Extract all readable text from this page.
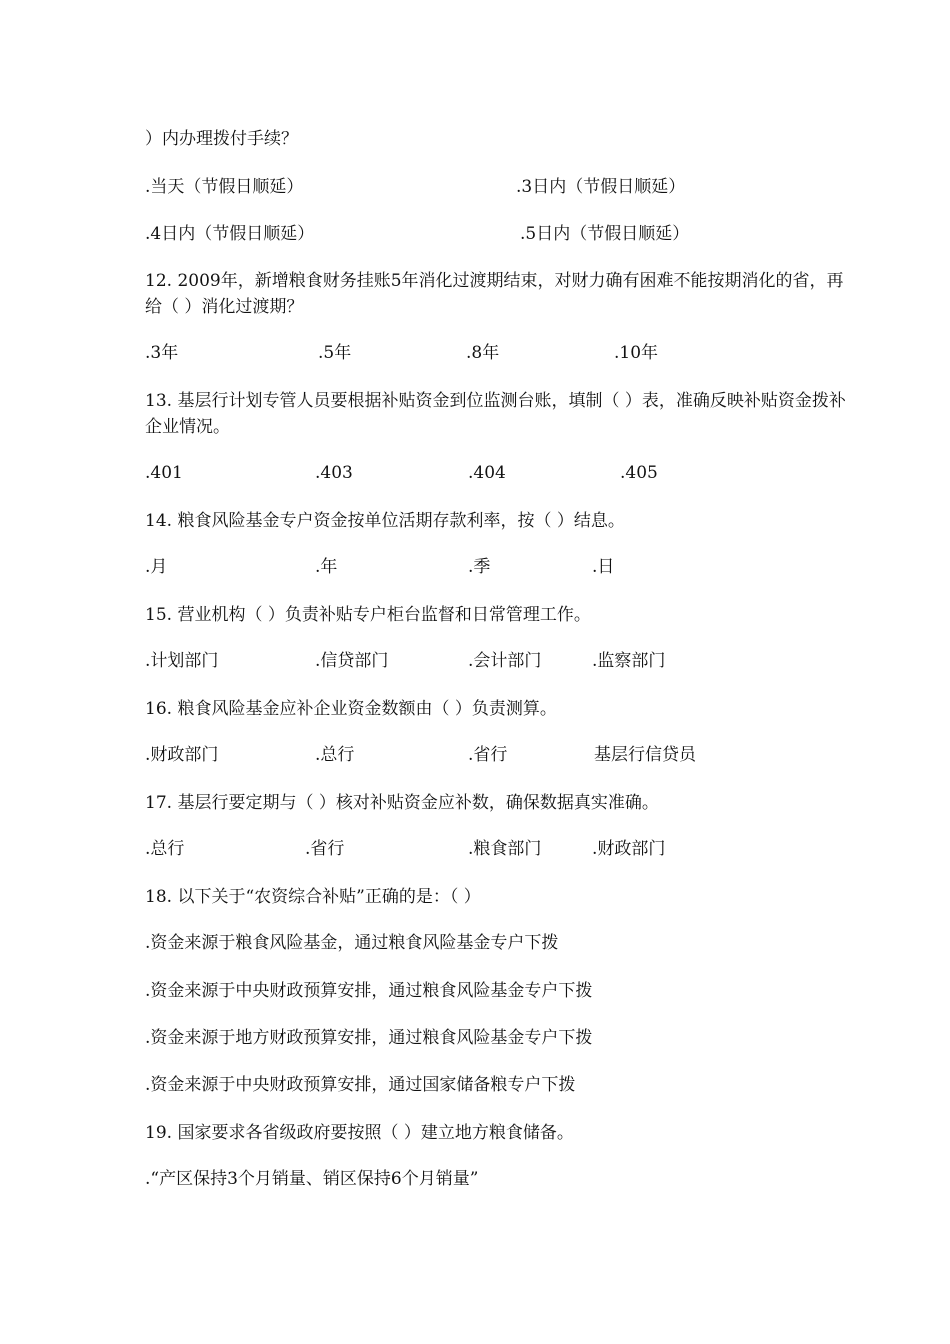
）内办理拨付手续？
.当天（节假日顺延）	.3日内（节假日顺延）
.4日内（节假日顺延）	.5日内（节假日顺延）
12. 2009年，新增粮食财务挂账5年消化过渡期结束，对财力确有困难不能按期消化的省，再给（ ）消化过渡期？
.3年	.5年	.8年	.10年
13. 基层行计划专管人员要根据补贴资金到位监测台账，填制（ ）表，准确反映补贴资金拨补企业情况。
.401	.403	.404	.405
14. 粮食风险基金专户资金按单位活期存款利率，按（ ）结息。
.月	.年	.季	.日
15. 营业机构（ ）负责补贴专户柜台监督和日常管理工作。
.计划部门	.信贷部门	.会计部门	.监察部门
16. 粮食风险基金应补企业资金数额由（ ）负责测算。
.财政部门	.总行	.省行	基层行信贷员
17. 基层行要定期与（ ）核对补贴资金应补数，确保数据真实准确。
.总行	.省行	.粮食部门	.财政部门
18. 以下关于“农资综合补贴”正确的是：（ ）
.资金来源于粮食风险基金，通过粮食风险基金专户下拨
.资金来源于中央财政预算安排，通过粮食风险基金专户下拨
.资金来源于地方财政预算安排，通过粮食风险基金专户下拨
.资金来源于中央财政预算安排，通过国家储备粮专户下拨
19. 国家要求各省级政府要按照（ ）建立地方粮食储备。
.“产区保持3个月销量、销区保持6个月销量”
